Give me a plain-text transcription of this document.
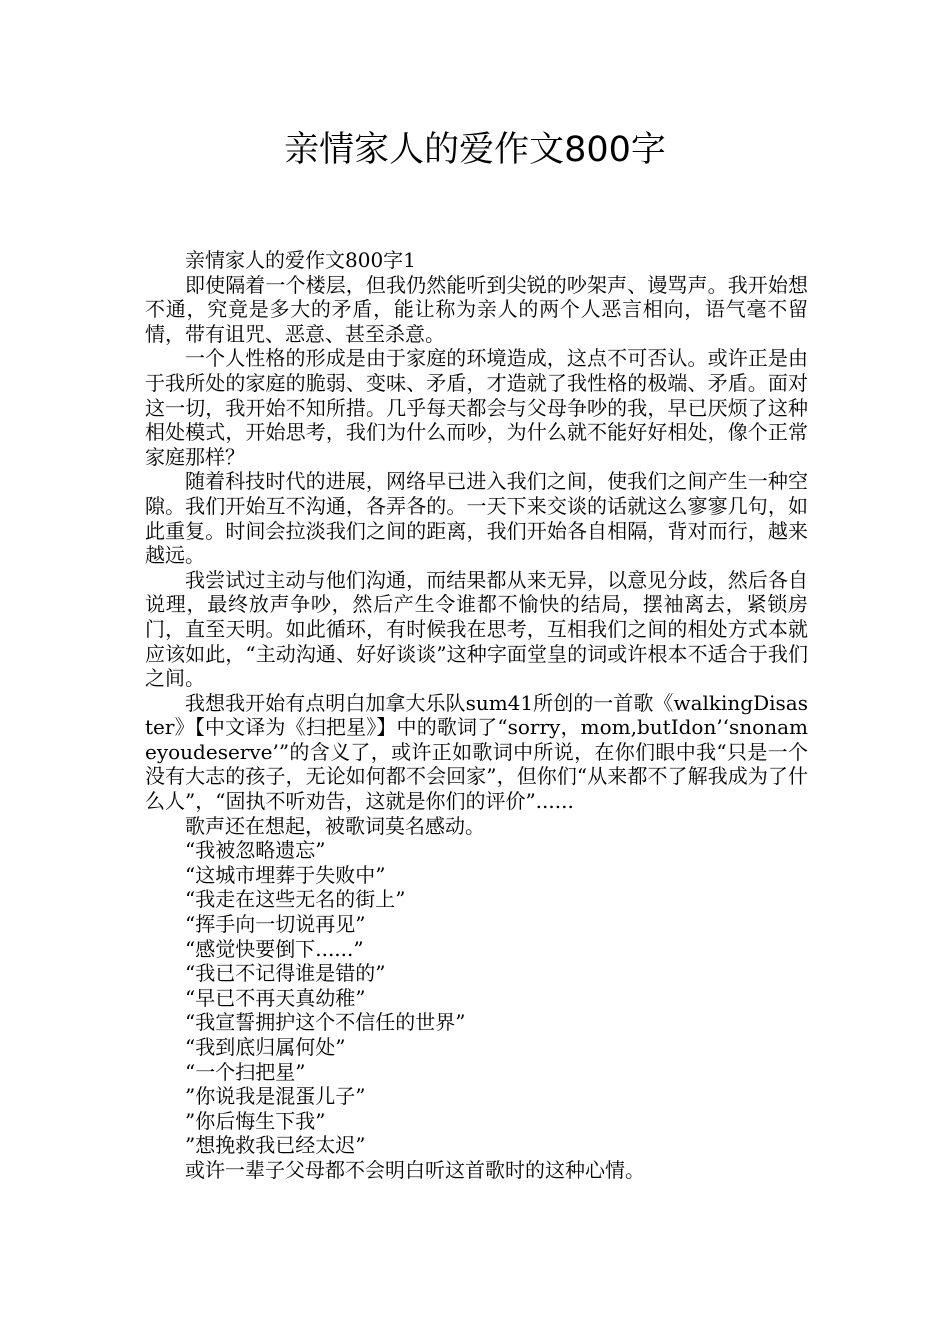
亲情家人的爱作文800字

亲情家人的爱作文800字1

即使隔着一个楼层，但我仍然能听到尖锐的吵架声、谩骂声。我开始想不通，究竟是多大的矛盾，能让称为亲人的两个人恶言相向，语气毫不留情，带有诅咒、恶意、甚至杀意。

一个人性格的形成是由于家庭的环境造成，这点不可否认。或许正是由于我所处的家庭的脆弱、变味、矛盾，才造就了我性格的极端、矛盾。面对这一切，我开始不知所措。几乎每天都会与父母争吵的我，早已厌烦了这种相处模式，开始思考，我们为什么而吵，为什么就不能好好相处，像个正常家庭那样？

随着科技时代的进展，网络早已进入我们之间，使我们之间产生一种空隙。我们开始互不沟通，各弄各的。一天下来交谈的话就这么寥寥几句，如此重复。时间会拉淡我们之间的距离，我们开始各自相隔，背对而行，越来越远。

我尝试过主动与他们沟通，而结果都从来无异，以意见分歧，然后各自说理，最终放声争吵，然后产生令谁都不愉快的结局，摆袖离去，紧锁房门，直至天明。如此循环，有时候我在思考，互相我们之间的相处方式本就应该如此，“主动沟通、好好谈谈”这种字面堂皇的词或许根本不适合于我们之间。

我想我开始有点明白加拿大乐队sum41所创的一首歌《walkingDisaster》【中文译为《扫把星》】中的歌词了“sorry，mom,butIdon’‘snonameyoudeserve’”的含义了，或许正如歌词中所说，在你们眼中我“只是一个没有大志的孩子，无论如何都不会回家”，但你们“从来都不了解我成为了什么人”，“固执不听劝告，这就是你们的评价”......

歌声还在想起，被歌词莫名感动。

“我被忽略遗忘”

“这城市埋葬于失败中”

“我走在这些无名的街上”

“挥手向一切说再见”

“感觉快要倒下......”

“我已不记得谁是错的”

“早已不再天真幼稚”

“我宣誓拥护这个不信任的世界”

“我到底归属何处”

“一个扫把星”

”你说我是混蛋儿子”

”你后悔生下我”

”想挽救我已经太迟”

或许一辈子父母都不会明白听这首歌时的这种心情。
